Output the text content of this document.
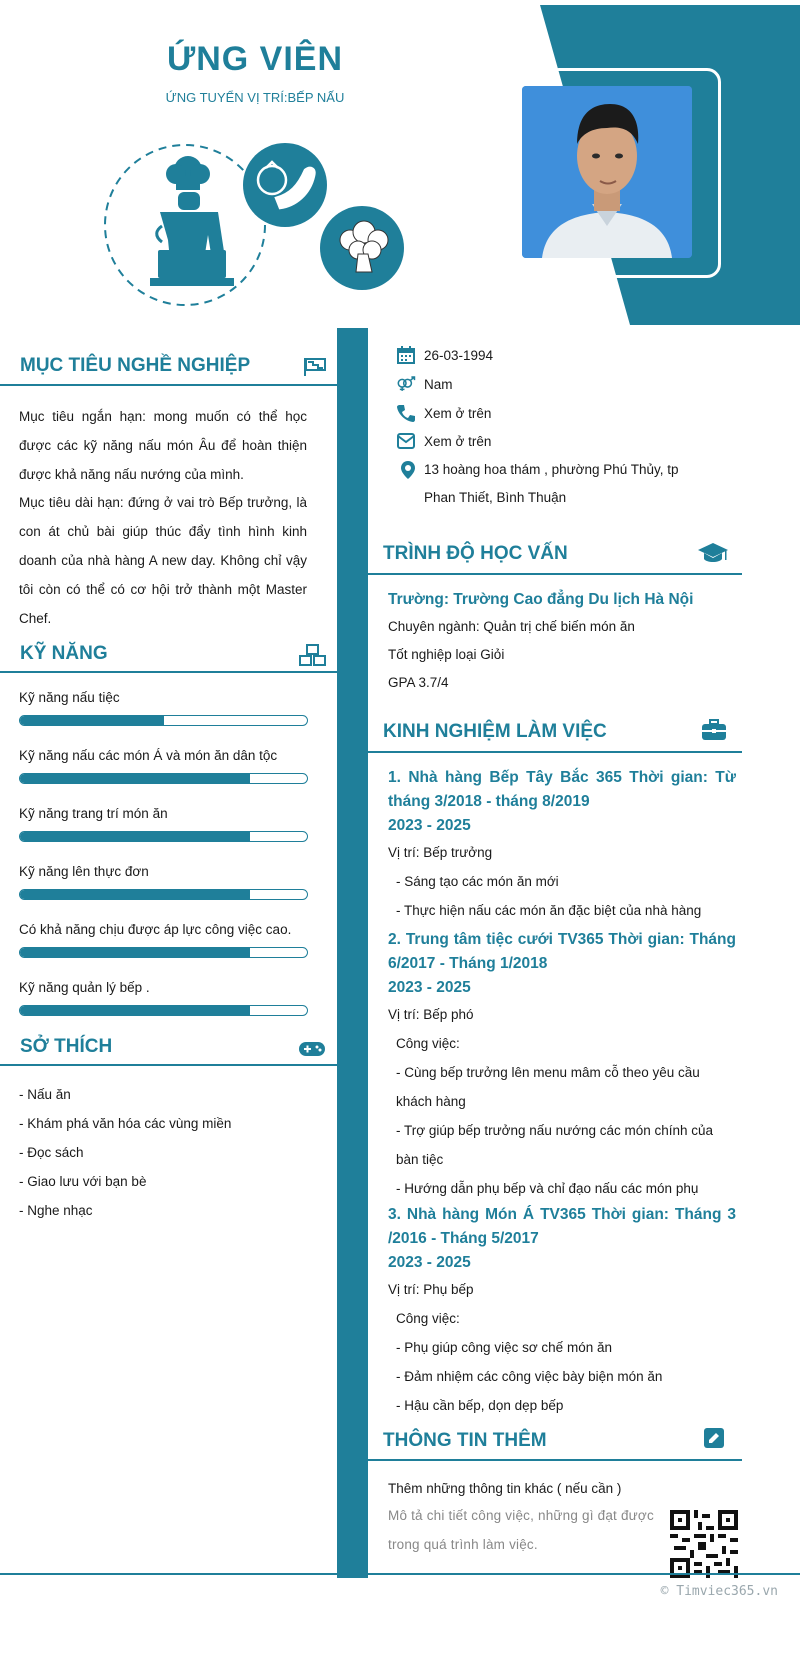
ỨNG VIÊN
ỨNG TUYỂN VỊ TRÍ:BẾP NẤU
MỤC TIÊU NGHỀ NGHIỆP
Mục tiêu ngắn hạn: mong muốn có thể học được các kỹ năng nấu món Âu để hoàn thiện được khả năng nấu nướng của mình.
Mục tiêu dài hạn: đứng ở vai trò Bếp trưởng, là con át chủ bài giúp thúc đẩy tình hình kinh doanh của nhà hàng A new day. Không chỉ vậy tôi còn có thể có cơ hội trở thành một Master Chef.
KỸ NĂNG
Kỹ năng nấu tiệc
Kỹ năng nấu các món Á và món ăn dân tộc
Kỹ năng trang trí món ăn
Kỹ năng lên thực đơn
Có khả năng chịu được áp lực công việc cao.
Kỹ năng quản lý bếp .
SỞ THÍCH
- Nấu ăn
- Khám phá văn hóa các vùng miền
- Đọc sách
- Giao lưu với bạn bè
- Nghe nhạc
26-03-1994
Nam
Xem ở trên
Xem ở trên
13 hoàng hoa thám , phường Phú Thủy, tp
Phan Thiết, Bình Thuận
TRÌNH ĐỘ HỌC VẤN
Trường: Trường Cao đẳng Du lịch Hà Nội
Chuyên ngành: Quản trị chế biến món ăn
Tốt nghiệp loại Giỏi
GPA 3.7/4
KINH NGHIỆM LÀM VIỆC
1. Nhà hàng Bếp Tây Bắc 365 Thời gian: Từ tháng 3/2018 - tháng 8/2019
2023 - 2025
Vị trí: Bếp trưởng
- Sáng tạo các món ăn mới
- Thực hiện nấu các món ăn đặc biệt của nhà hàng
2. Trung tâm tiệc cưới TV365 Thời gian: Tháng 6/2017 - Tháng 1/2018
2023 - 2025
Vị trí: Bếp phó
Công việc:
- Cùng bếp trưởng lên menu mâm cỗ theo yêu cầu khách hàng
- Trợ giúp bếp trưởng nấu nướng các món chính của bàn tiệc
- Hướng dẫn phụ bếp và chỉ đạo nấu các món phụ
3. Nhà hàng Món Á TV365 Thời gian: Tháng 3 /2016 - Tháng 5/2017
2023 - 2025
Vị trí: Phụ bếp
Công việc:
- Phụ giúp công việc sơ chế món ăn
- Đảm nhiệm các công việc bày biện món ăn
- Hậu cần bếp, dọn dẹp bếp
THÔNG TIN THÊM
Thêm những thông tin khác ( nếu cần )
Mô tả chi tiết công việc, những gì đạt được trong quá trình làm việc.
© Timviec365.vn
